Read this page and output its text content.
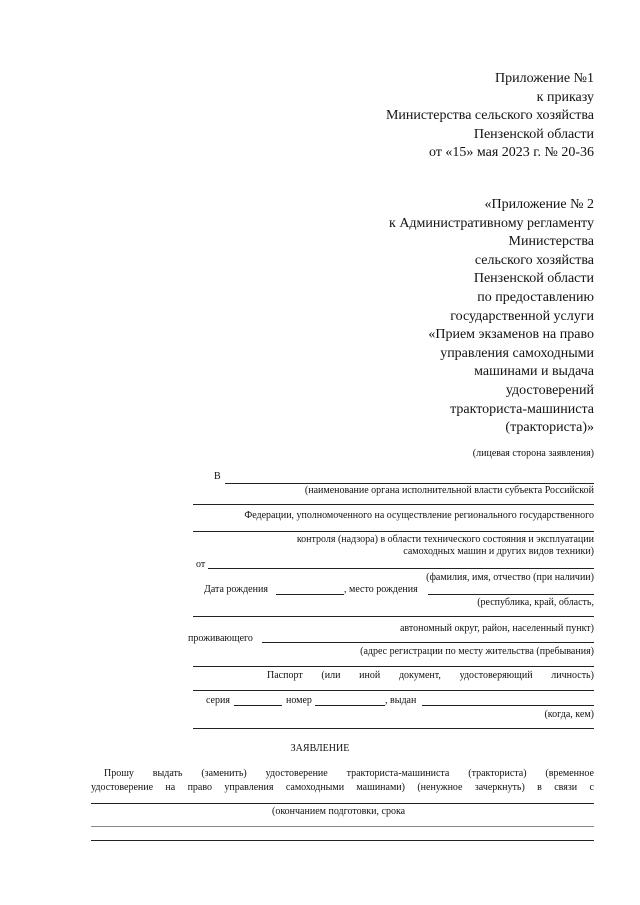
Приложение №1
к приказу
Министерства сельского хозяйства
Пензенской области
от «15» мая 2023 г. № 20-36
«Приложение № 2
к Административному регламенту
Министерства
сельского хозяйства
Пензенской области
по предоставлению
государственной услуги
«Прием экзаменов на право
управления самоходными
машинами и выдача
удостоверений
тракториста-машиниста
(тракториста)»
(лицевая сторона заявления)
В
(наименование органа исполнительной власти субъекта Российской
Федерации, уполномоченного на осуществление регионального государственного
контроля (надзора) в области технического состояния и эксплуатации
самоходных машин и других видов техники)
от
(фамилия, имя, отчество (при наличии)
Дата рождения	, место рождения
(республика, край, область,
автономный округ, район, населенный пункт)
проживающего
(адрес регистрации по месту жительства (пребывания)
Паспорт (или иной документ, удостоверяющий личность)
серия	номер	, выдан
(когда, кем)
ЗАЯВЛЕНИЕ
Прошу выдать (заменить) удостоверение тракториста-машиниста (тракториста) (временное
удостоверение на право управления самоходными машинами) (ненужное зачеркнуть) в связи с
(окончанием подготовки, срока
